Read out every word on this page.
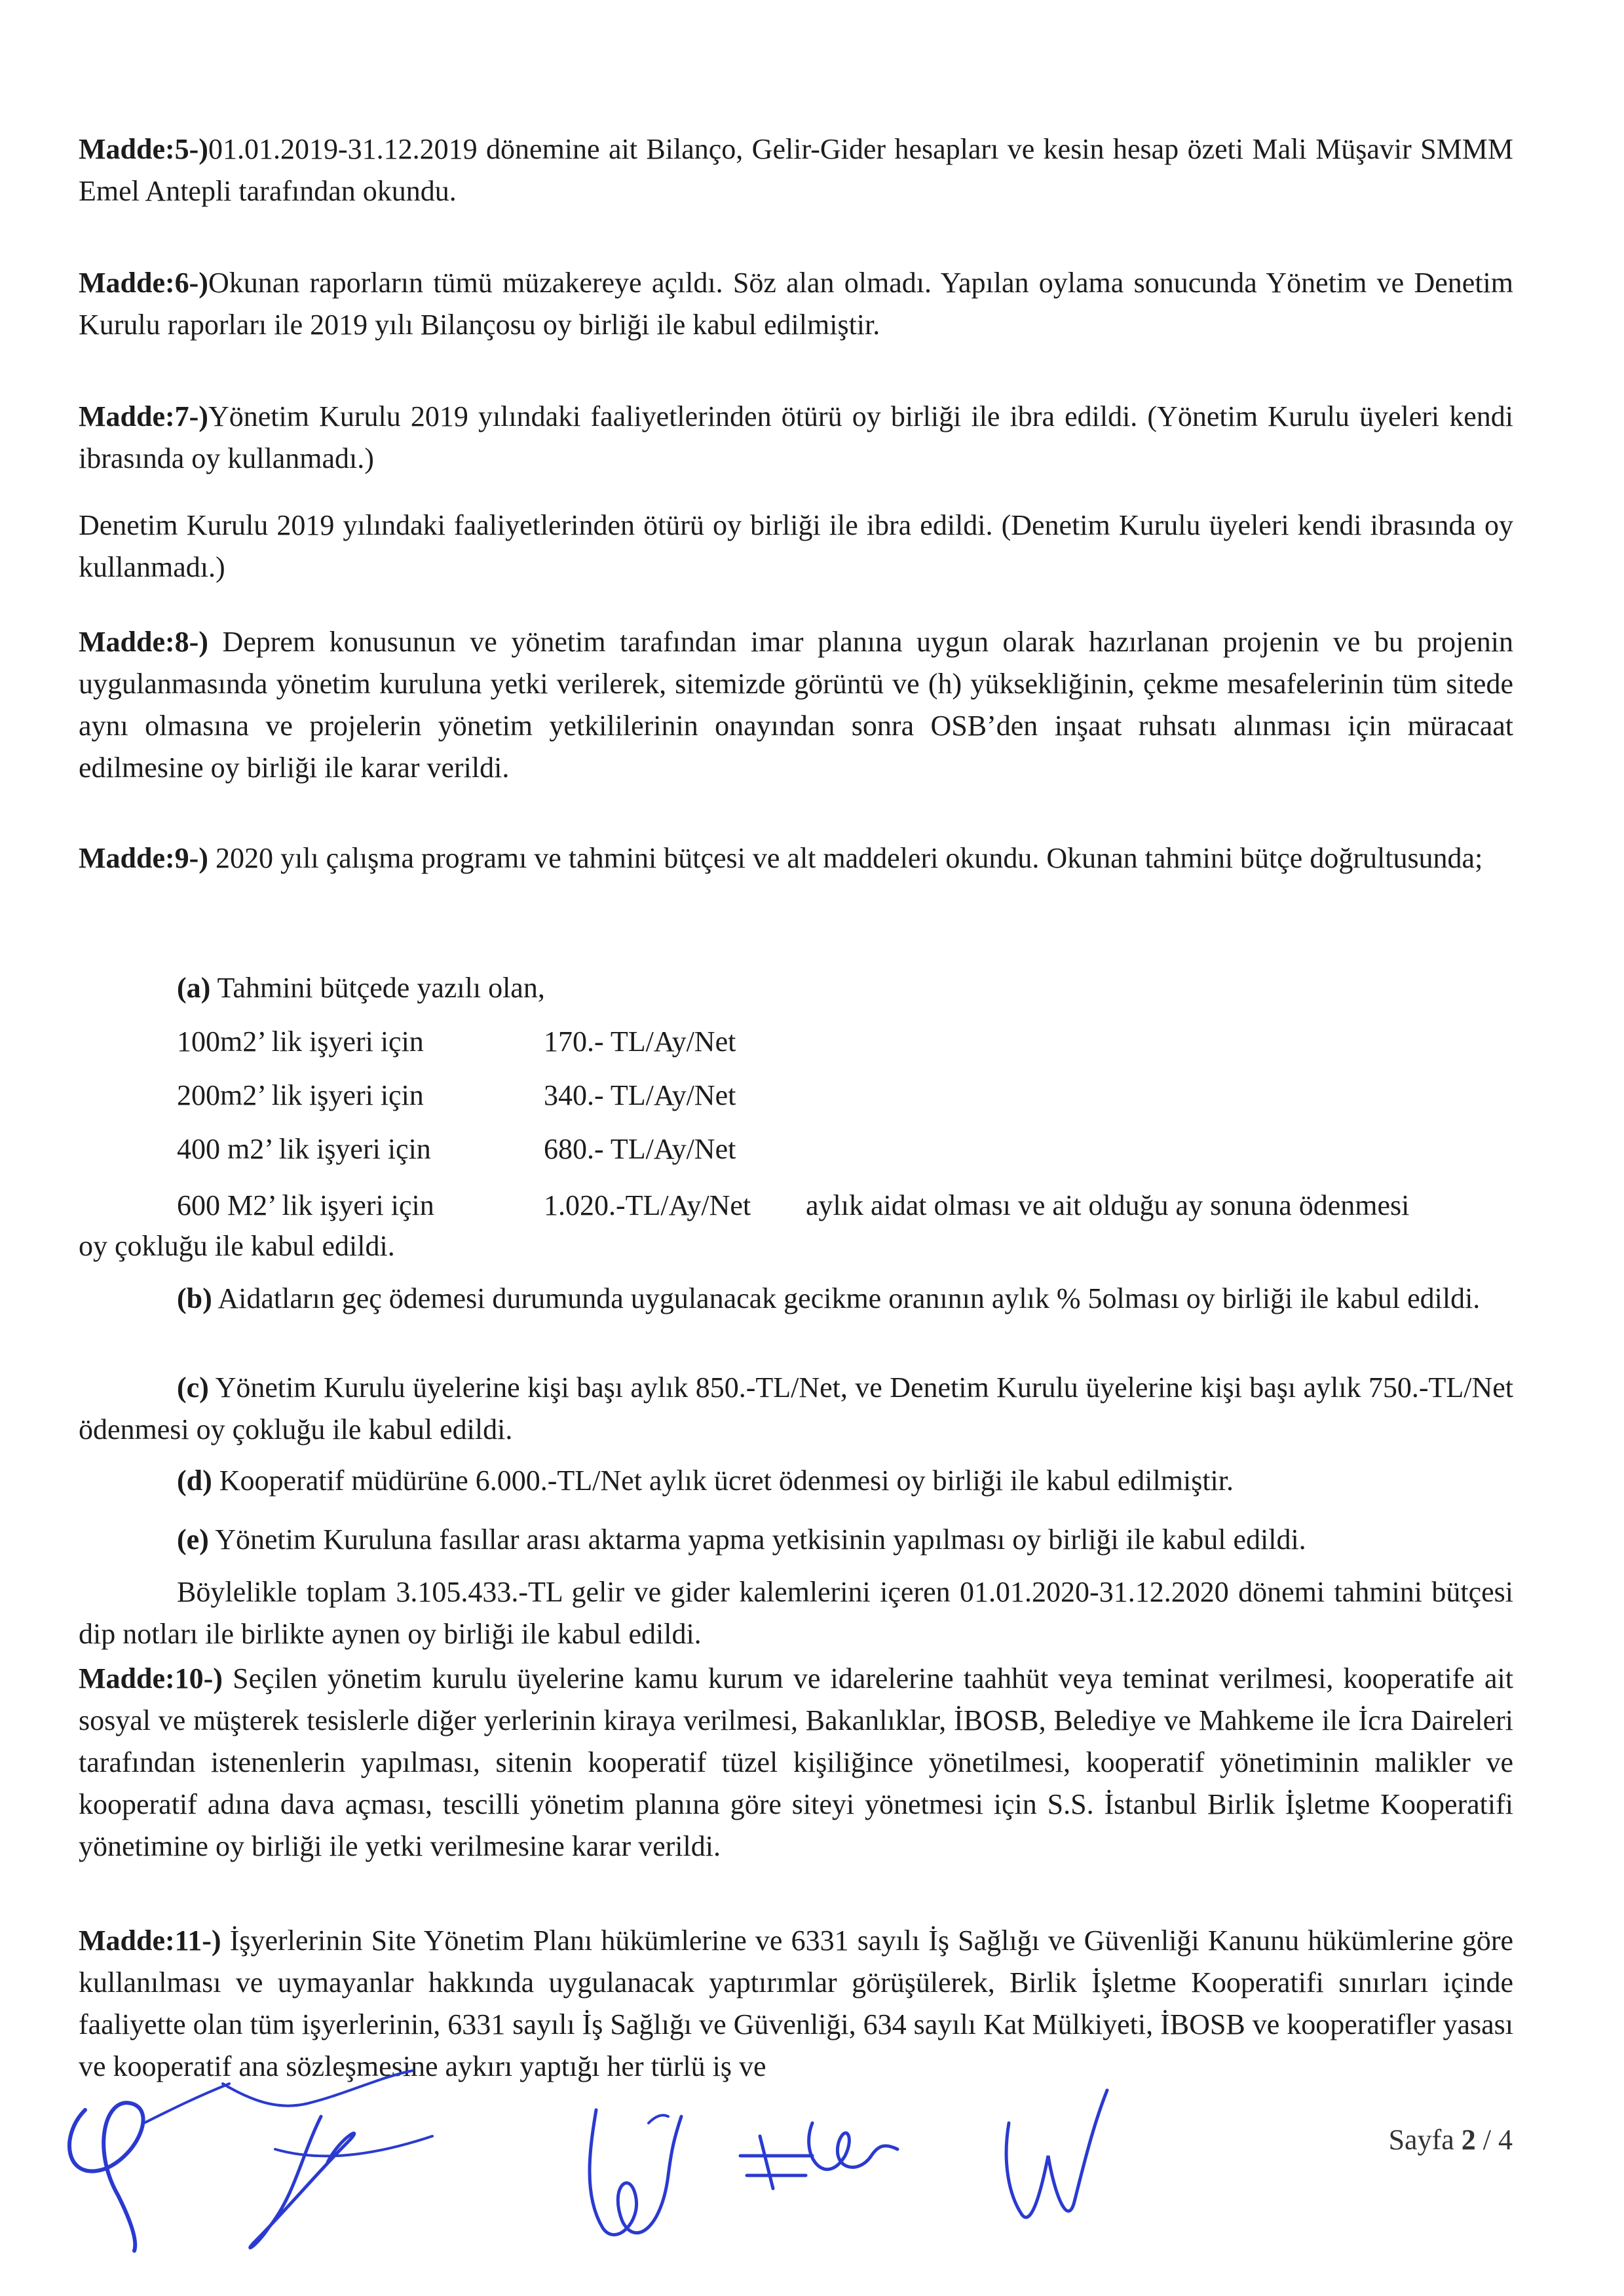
Madde:5-)01.01.2019-31.12.2019 dönemine ait Bilanço, Gelir-Gider hesapları ve kesin hesap özeti Mali Müşavir SMMM Emel Antepli tarafından okundu.

Madde:6-)Okunan raporların tümü müzakereye açıldı. Söz alan olmadı. Yapılan oylama sonucunda Yönetim ve Denetim Kurulu raporları ile 2019 yılı Bilançosu oy birliği ile kabul edilmiştir.

Madde:7-)Yönetim Kurulu 2019 yılındaki faaliyetlerinden ötürü oy birliği ile ibra edildi. (Yönetim Kurulu üyeleri kendi ibrasında oy kullanmadı.)

Denetim Kurulu 2019 yılındaki faaliyetlerinden ötürü oy birliği ile ibra edildi. (Denetim Kurulu üyeleri kendi ibrasında oy kullanmadı.)

Madde:8-) Deprem konusunun ve yönetim tarafından imar planına uygun olarak hazırlanan projenin ve bu projenin uygulanmasında yönetim kuruluna yetki verilerek, sitemizde görüntü ve (h) yüksekliğinin, çekme mesafelerinin tüm sitede aynı olmasına ve projelerin yönetim yetkililerinin onayından sonra OSB’den inşaat ruhsatı alınması için müracaat edilmesine oy birliği ile karar verildi.

Madde:9-) 2020 yılı çalışma programı ve tahmini bütçesi ve alt maddeleri okundu. Okunan tahmini bütçe doğrultusunda;

(a) Tahmini bütçede yazılı olan,

100m2’ lik işyeri için	170.- TL/Ay/Net
200m2’ lik işyeri için	340.- TL/Ay/Net
400 m2’ lik işyeri için	680.- TL/Ay/Net
600 M2’ lik işyeri için	1.020.-TL/Ay/Net aylık aidat olması ve ait olduğu ay sonuna ödenmesi

oy çokluğu ile kabul edildi.

(b) Aidatların geç ödemesi durumunda uygulanacak gecikme oranının aylık % 5olması oy birliği ile kabul edildi.

(c) Yönetim Kurulu üyelerine kişi başı aylık 850.-TL/Net, ve Denetim Kurulu üyelerine kişi başı aylık 750.-TL/Net ödenmesi oy çokluğu ile kabul edildi.

(d) Kooperatif müdürüne 6.000.-TL/Net aylık ücret ödenmesi oy birliği ile kabul edilmiştir.

(e) Yönetim Kuruluna fasıllar arası aktarma yapma yetkisinin yapılması oy birliği ile kabul edildi.

Böylelikle toplam 3.105.433.-TL gelir ve gider kalemlerini içeren 01.01.2020-31.12.2020 dönemi tahmini bütçesi dip notları ile birlikte aynen oy birliği ile kabul edildi.

Madde:10-) Seçilen yönetim kurulu üyelerine kamu kurum ve idarelerine taahhüt veya teminat verilmesi, kooperatife ait sosyal ve müşterek tesislerle diğer yerlerinin kiraya verilmesi, Bakanlıklar, İBOSB, Belediye ve Mahkeme ile İcra Daireleri tarafından istenenlerin yapılması, sitenin kooperatif tüzel kişiliğince yönetilmesi, kooperatif yönetiminin malikler ve kooperatif adına dava açması, tescilli yönetim planına göre siteyi yönetmesi için S.S. İstanbul Birlik İşletme Kooperatifi yönetimine oy birliği ile yetki verilmesine karar verildi.

Madde:11-) İşyerlerinin Site Yönetim Planı hükümlerine ve 6331 sayılı İş Sağlığı ve Güvenliği Kanunu hükümlerine göre kullanılması ve uymayanlar hakkında uygulanacak yaptırımlar görüşülerek, Birlik İşletme Kooperatifi sınırları içinde faaliyette olan tüm işyerlerinin, 6331 sayılı İş Sağlığı ve Güvenliği, 634 sayılı Kat Mülkiyeti, İBOSB ve kooperatifler yasası ve kooperatif ana sözleşmesine aykırı yaptığı her türlü iş ve

Sayfa 2 / 4
